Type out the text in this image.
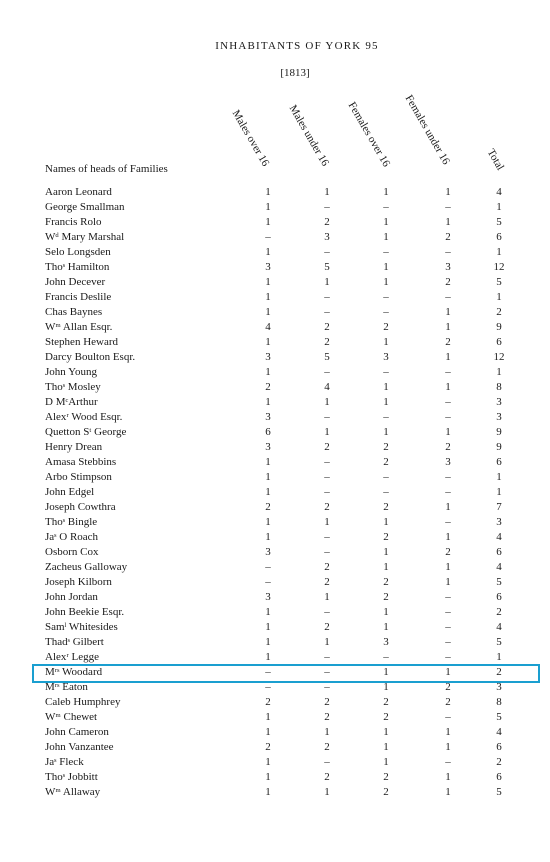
INHABITANTS OF YORK 95
[1813]
Males over 16 Males under 16 Females over 16 Females under 16	Total
Names of heads of Families
Aaron Leonard	1	1	1	1	4
George Smallman	1	–	–	–	1
Francis Rolo	1	2	1	1	5
Wᵈ Mary Marshal	–	3	1	2	6
Selo Longsden	1	–	–	–	1
Thoˢ Hamilton	3	5	1	3	12
John Decever	1	1	1	2	5
Francis Deslile	1	–	–	–	1
Chas Baynes	1	–	–	1	2
Wᵐ Allan Esqr.	4	2	2	1	9
Stephen Heward	1	2	1	2	6
Darcy Boulton Esqr.	3	5	3	1	12
John Young	1	–	–	–	1
Thoˢ Mosley	2	4	1	1	8
D MᶜArthur	1	1	1	–	3
Alexʳ Wood Esqr.	3	–	–	–	3
Quetton Sᵗ George	6	1	1	1	9
Henry Drean	3	2	2	2	9
Amasa Stebbins	1	–	2	3	6
Arbo Stimpson	1	–	–	–	1
John Edgel	1	–	–	–	1
Joseph Cowthra	2	2	2	1	7
Thoˢ Bingle	1	1	1	–	3
Jaˢ O Roach	1	–	2	1	4
Osborn Cox	3	–	1	2	6
Zacheus Galloway	–	2	1	1	4
Joseph Kilborn	–	2	2	1	5
John Jordan	3	1	2	–	6
John Beekie Esqr.	1	–	1	–	2
Samˡ Whitesides	1	2	1	–	4
Thadˢ Gilbert	1	1	3	–	5
Alexʳ Legge	1	–	–	–	1
Mʳˢ Woodard	–	–	1	1	2
Mʳˢ Eaton	–	–	1	2	3
Caleb Humphrey	2	2	2	2	8
Wᵐ Chewet	1	2	2	–	5
John Cameron	1	1	1	1	4
John Vanzantee	2	2	1	1	6
Jaˢ Fleck	1	–	1	–	2
Thoˢ Jobbitt	1	2	2	1	6
Wᵐ Allaway	1	1	2	1	5
